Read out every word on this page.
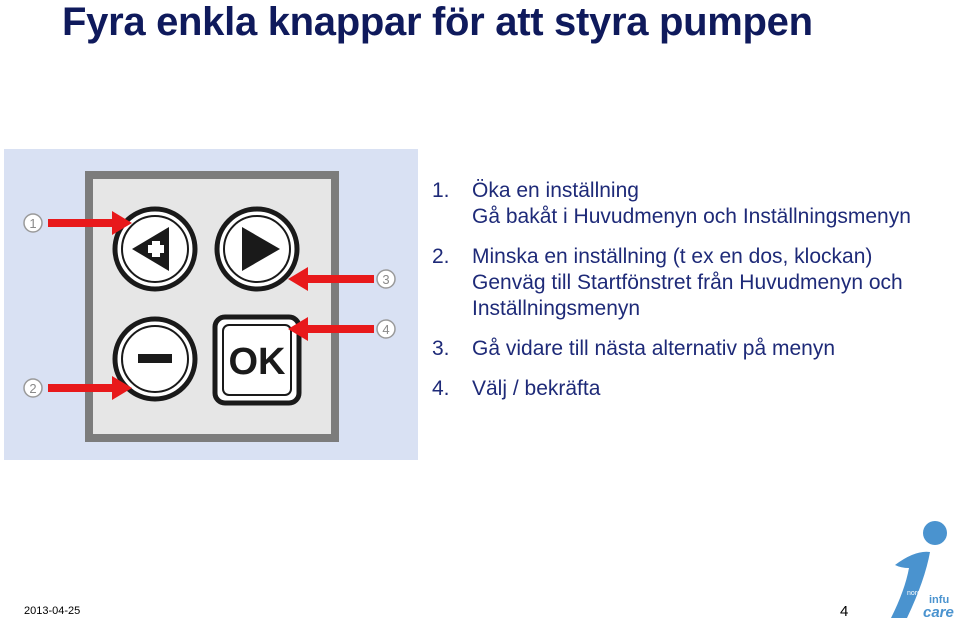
Fyra enkla knappar för att styra pumpen
OK
1
2
3
4
1.	Öka en inställning
Gå bakåt i Huvudmenyn och Inställningsmenyn
2.	Minska en inställning (t ex en dos, klockan)
Genväg till Startfönstret från Huvudmenyn och
Inställningsmenyn
3.	Gå vidare till nästa alternativ på menyn
4.	Välj / bekräfta
2013-04-25	4
nordic
infu
care
